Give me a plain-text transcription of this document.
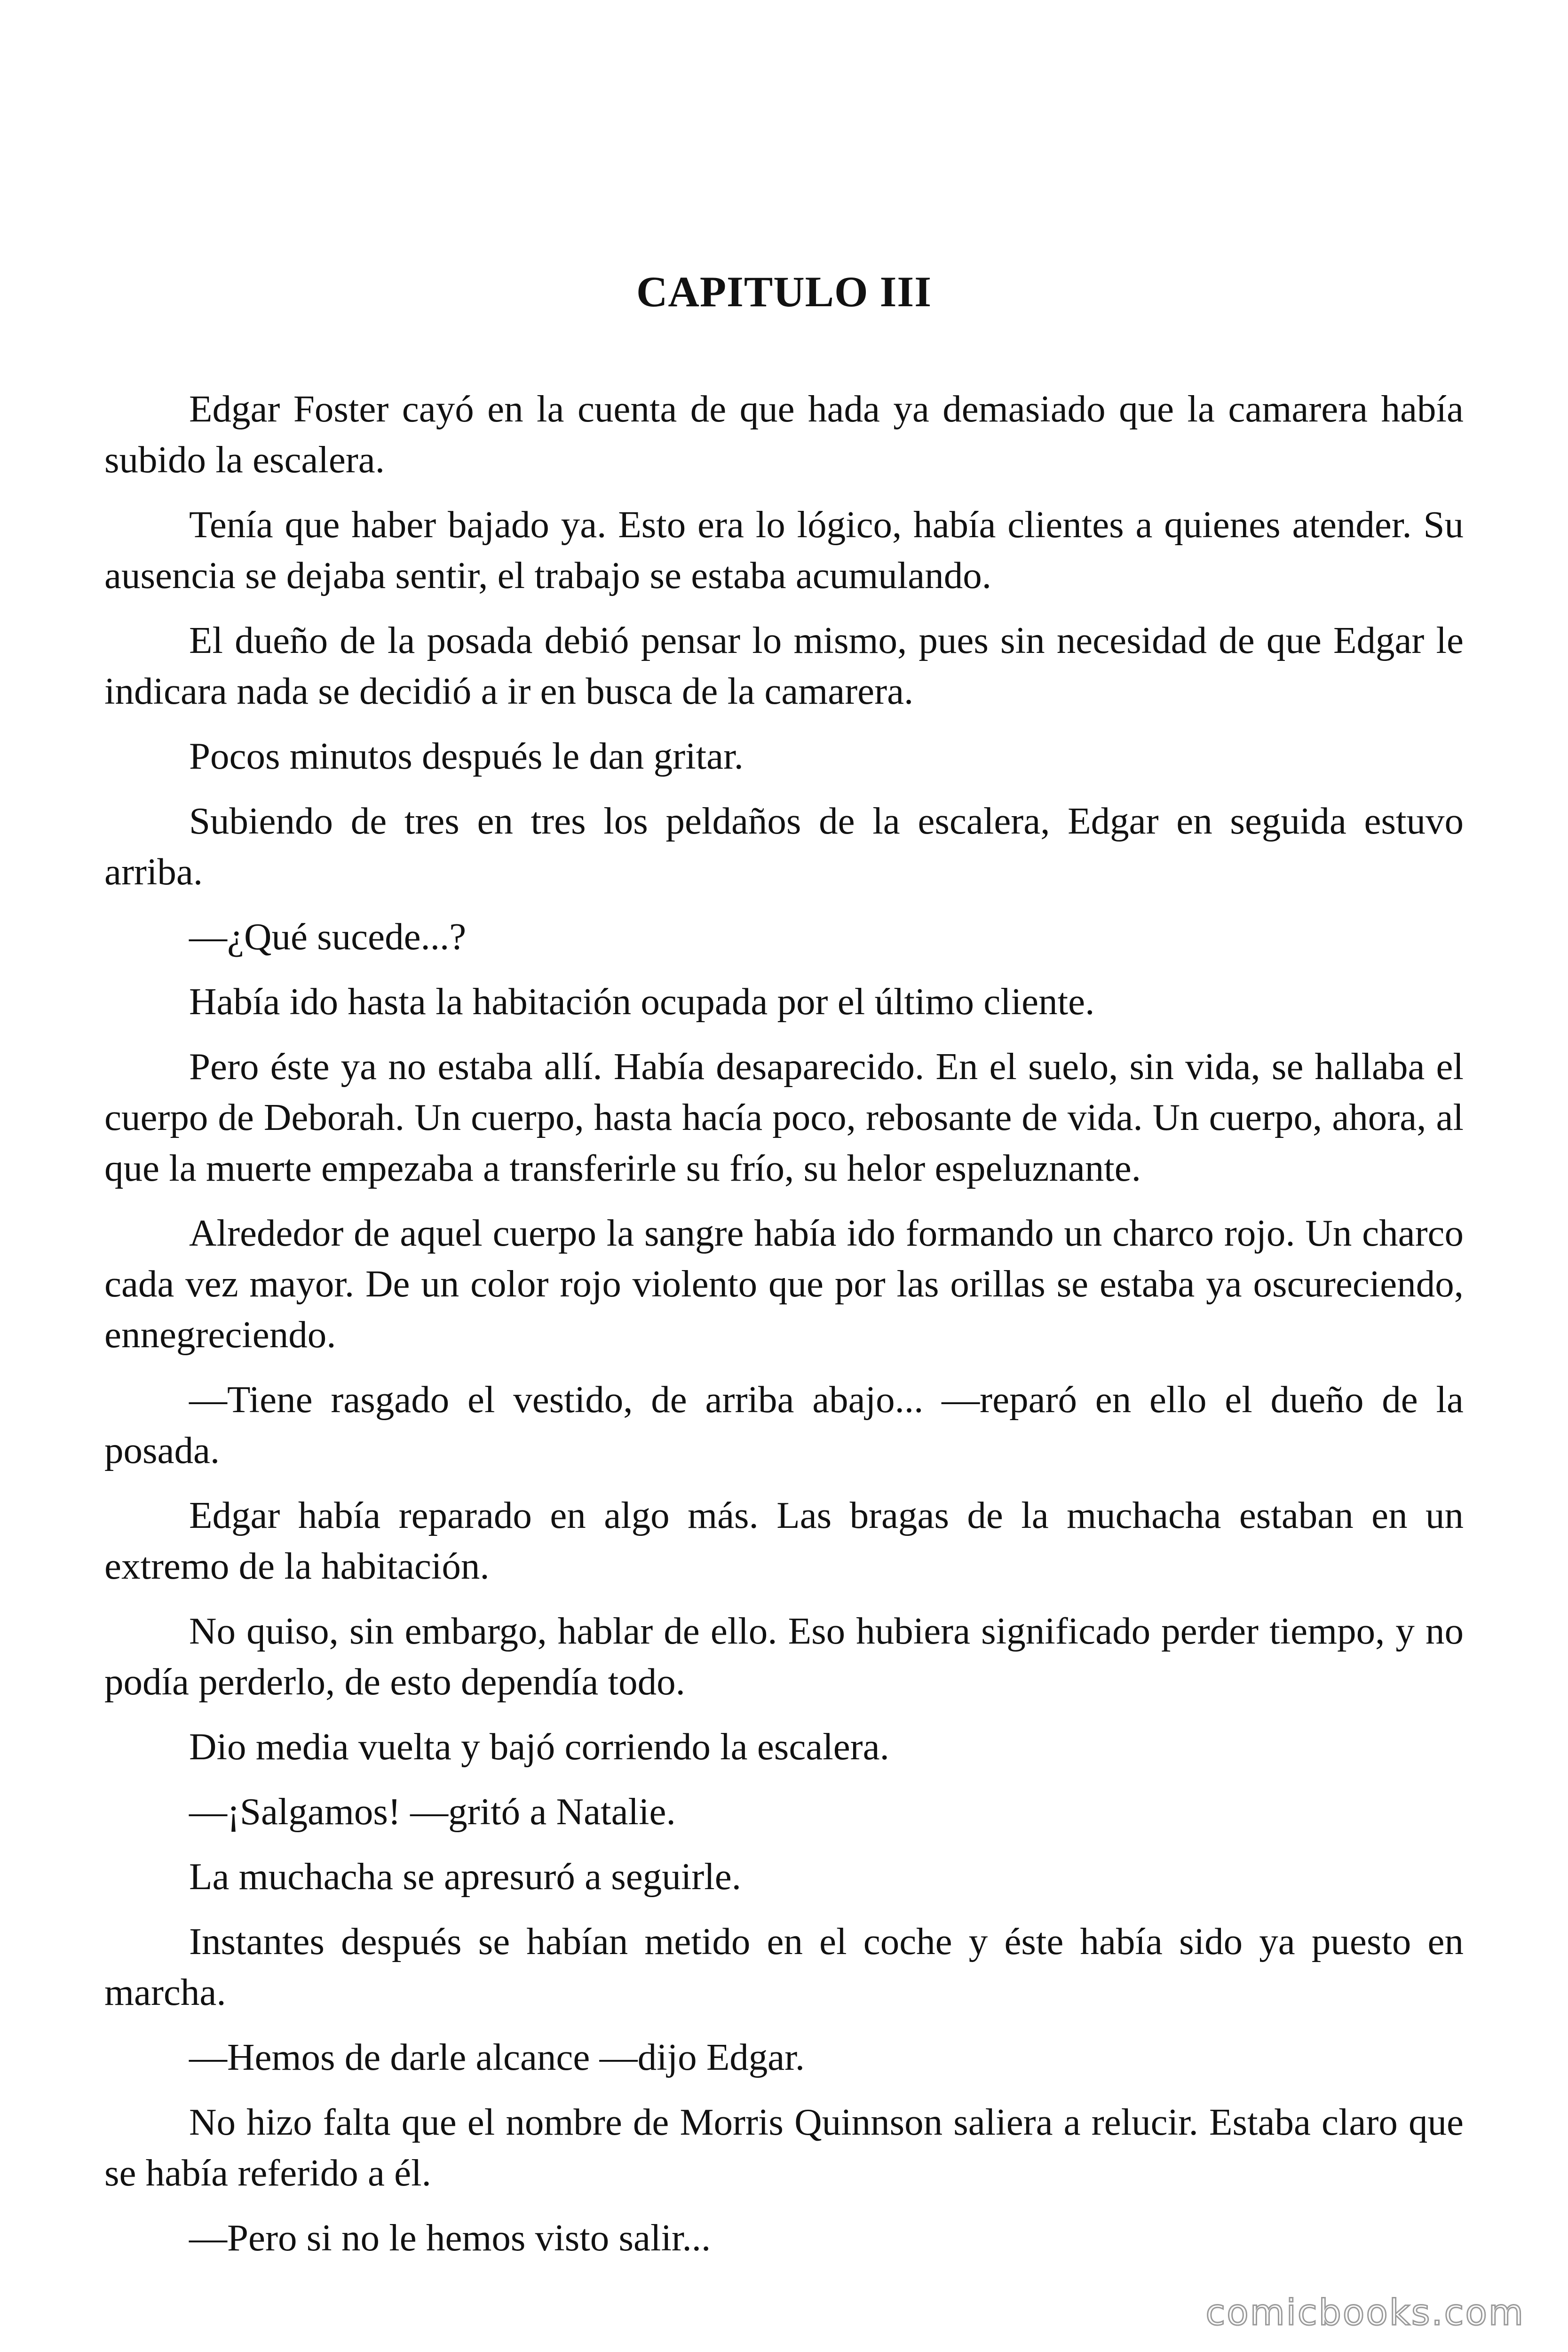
CAPITULO III

Edgar Foster cayó en la cuenta de que hada ya demasiado que la camarera había subido la escalera.

Tenía que haber bajado ya. Esto era lo lógico, había clientes a quienes atender. Su ausencia se dejaba sentir, el trabajo se estaba acumulando.

El dueño de la posada debió pensar lo mismo, pues sin necesidad de que Edgar le indicara nada se decidió a ir en busca de la camarera.

Pocos minutos después le dan gritar.

Subiendo de tres en tres los peldaños de la escalera, Edgar en seguida estuvo arriba.

—¿Qué sucede...?

Había ido hasta la habitación ocupada por el último cliente.

Pero éste ya no estaba allí. Había desaparecido. En el suelo, sin vida, se hallaba el cuerpo de Deborah. Un cuerpo, hasta hacía poco, rebosante de vida. Un cuerpo, ahora, al que la muerte empezaba a transferirle su frío, su helor espeluznante.

Alrededor de aquel cuerpo la sangre había ido formando un charco rojo. Un charco cada vez mayor. De un color rojo violento que por las orillas se estaba ya oscureciendo, ennegreciendo.

—Tiene rasgado el vestido, de arriba abajo... —reparó en ello el dueño de la posada.

Edgar había reparado en algo más. Las bragas de la muchacha estaban en un extremo de la habitación.

No quiso, sin embargo, hablar de ello. Eso hubiera significado perder tiempo, y no podía perderlo, de esto dependía todo.

Dio media vuelta y bajó corriendo la escalera.

—¡Salgamos! —gritó a Natalie.

La muchacha se apresuró a seguirle.

Instantes después se habían metido en el coche y éste había sido ya puesto en marcha.

—Hemos de darle alcance —dijo Edgar.

No hizo falta que el nombre de Morris Quinnson saliera a relucir. Estaba claro que se había referido a él.

—Pero si no le hemos visto salir...

comicbooks.com
